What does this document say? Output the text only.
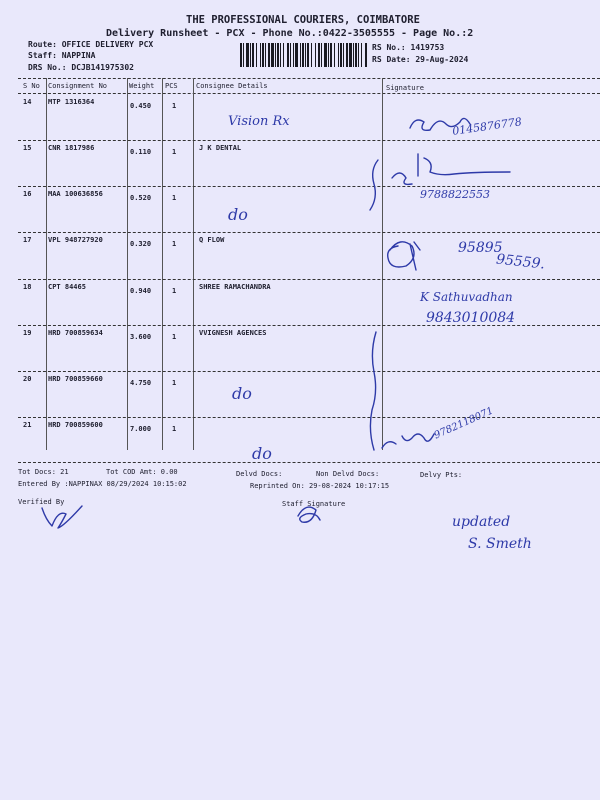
THE PROFESSIONAL COURIERS, COIMBATORE
Delivery Runsheet - PCX - Phone No.:0422-3505555 - Page No.:2
Route: OFFICE DELIVERY PCX
Staff: NAPPINA
DRS No.: DCJB141975302
RS No.: 1419753
RS Date: 29-Aug-2024
S No Consignment No	Weight PCS	Consignee Details	Signature
14 MTP 1316364	0.450	1
15 CNR 1817986	0.110	1	J K DENTAL
16 MAA 100636856	0.520	1
17 VPL 948727920	0.320	1	Q FLOW
18 CPT 84465	0.940	1	SHREE RAMACHANDRA
19 HRD 700859634	3.600	1	VVIGNESH AGENCES
20 HRD 700859660	4.750	1
21 HRD 700859600	7.000	1
Vision Rx
do
do
do
0145876778
9788822553
95895
95559.
K Sathuvadhan
9843010084
9782118071
updated
S. Smeth
Tot Docs: 21	Tot COD Amt: 0.00	Delvd Docs:	Non Delvd Docs:	Delvy Pts:
Entered By :NAPPINAX 08/29/2024 10:15:02	Reprinted On: 29-08-2024 10:17:15
Verified By	Staff Signature
